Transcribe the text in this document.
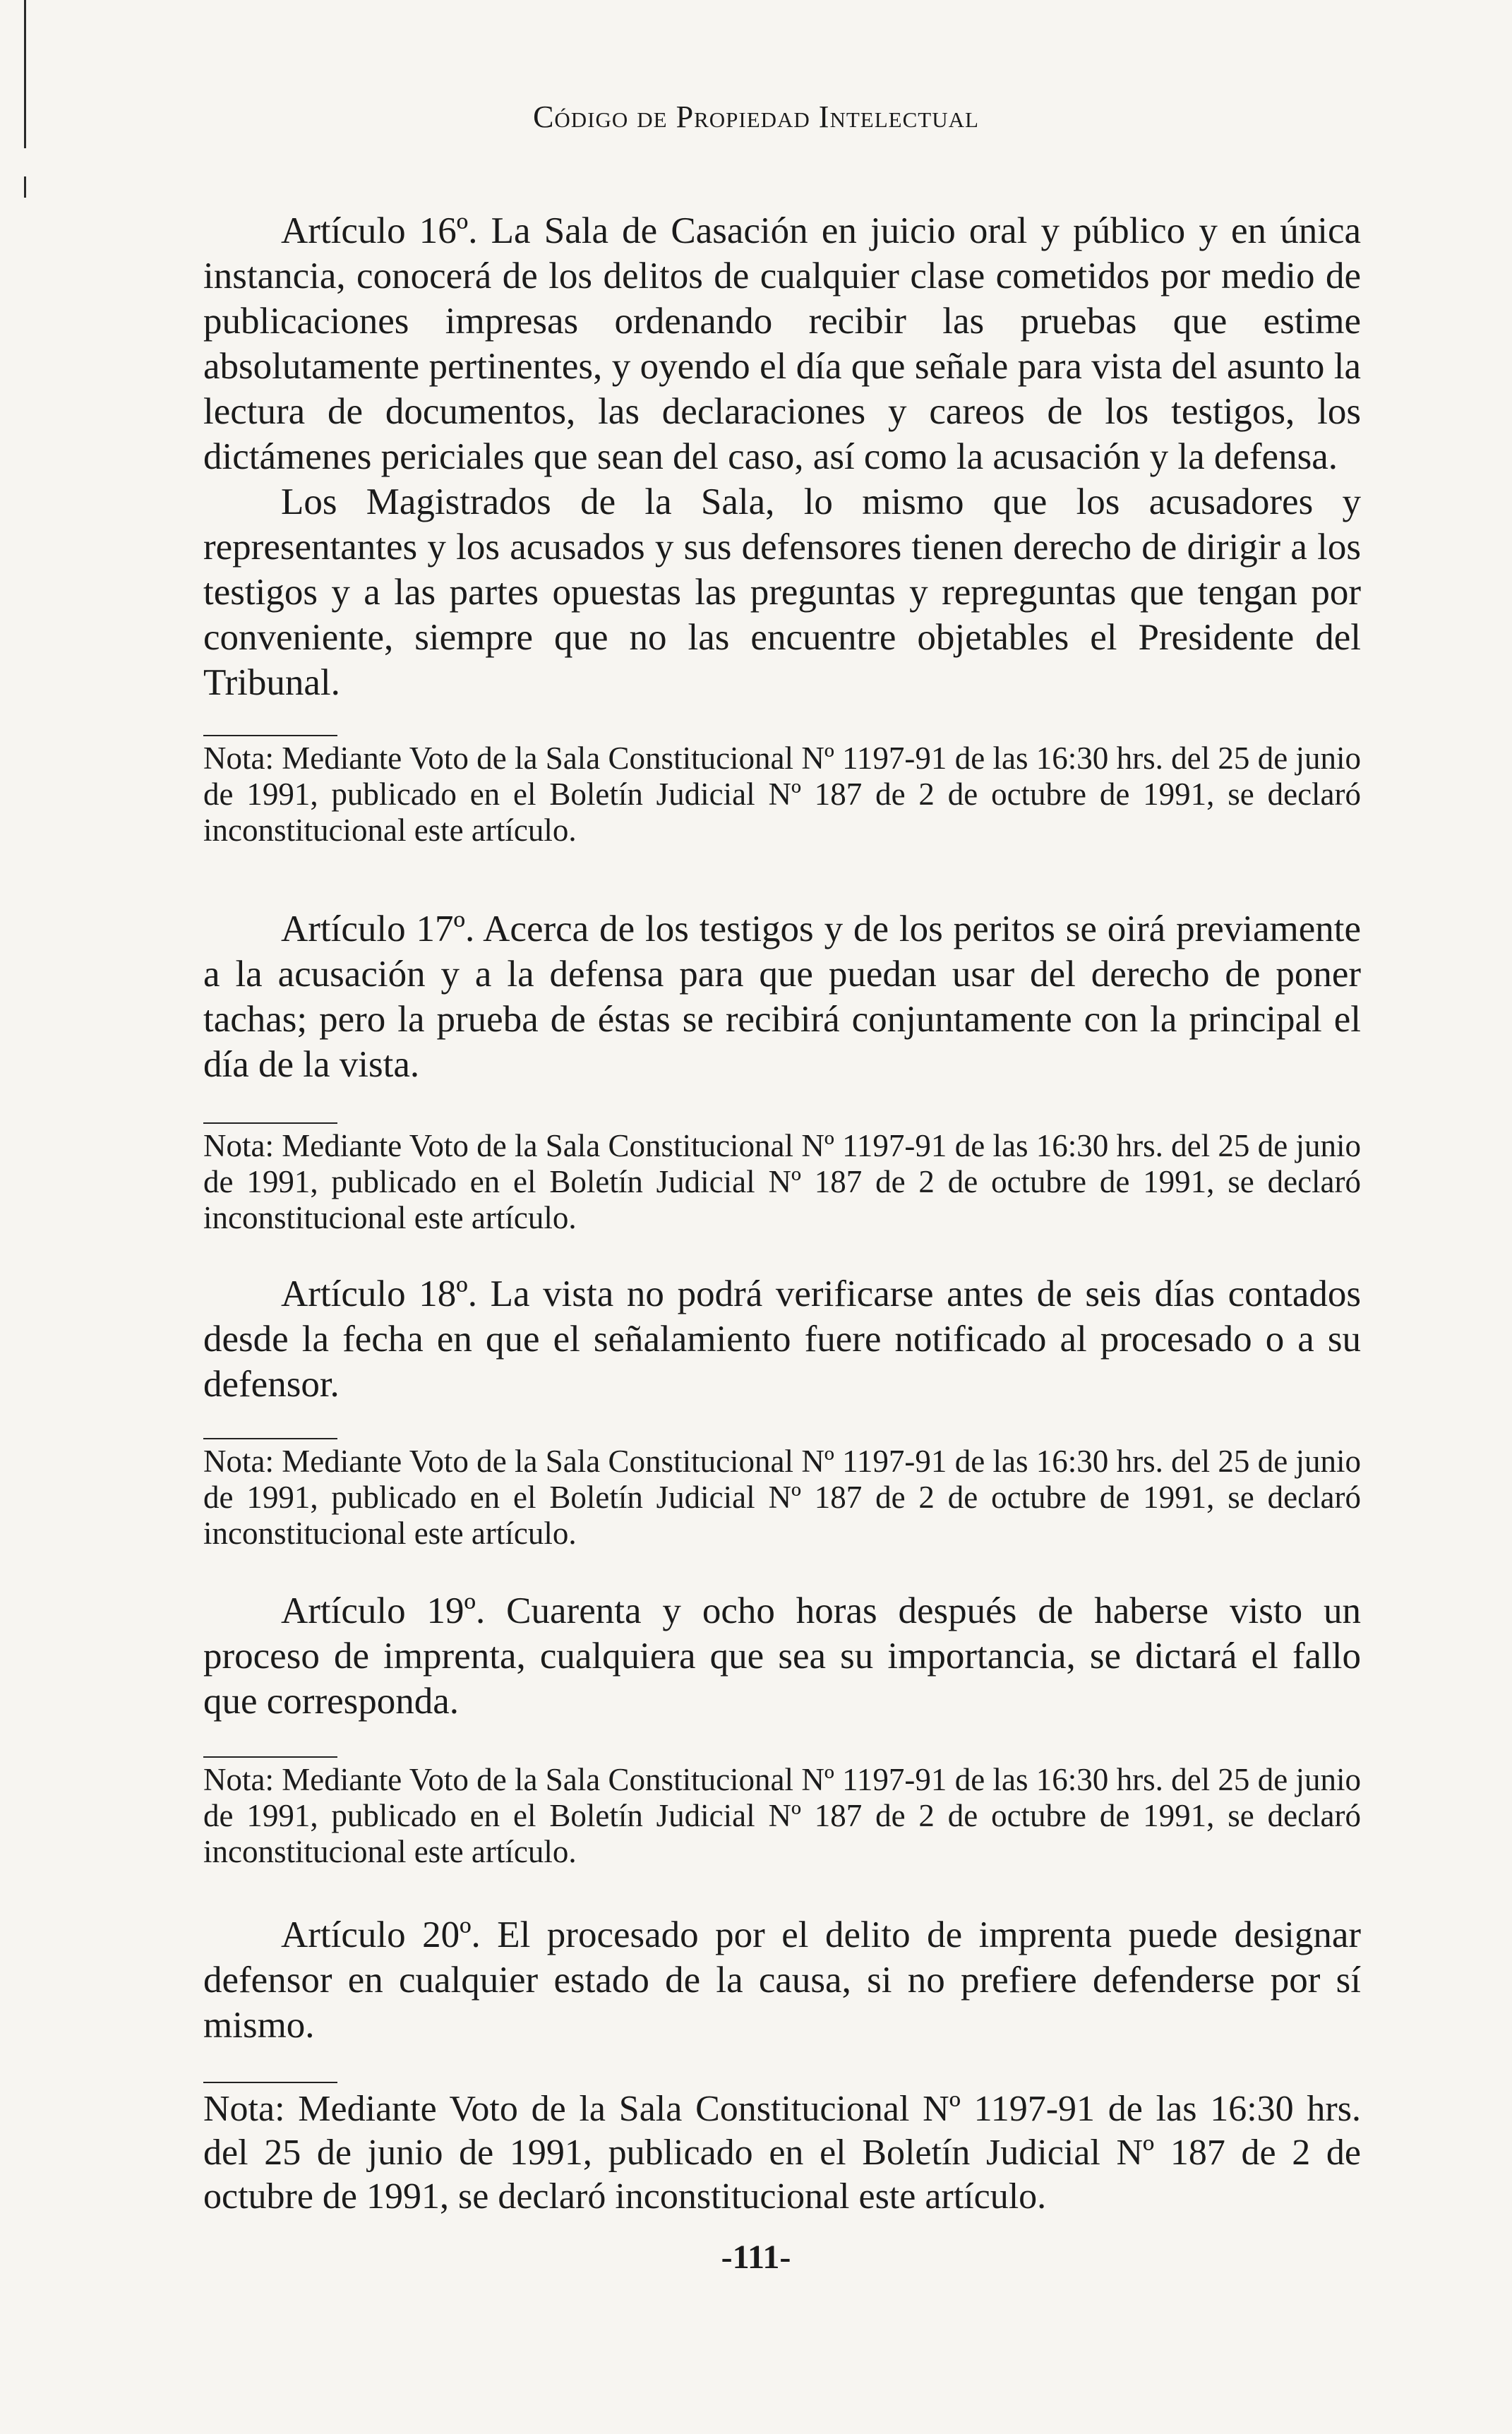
Código de Propiedad Intelectual

Artículo 16º. La Sala de Casación en juicio oral y público y en única instancia, conocerá de los delitos de cualquier clase cometidos por medio de publicaciones impresas ordenando recibir las pruebas que estime absolutamente pertinentes, y oyendo el día que señale para vista del asunto la lectura de documentos, las declaraciones y careos de los testigos, los dictámenes periciales que sean del caso, así como la acusación y la defensa.

Los Magistrados de la Sala, lo mismo que los acusadores y representantes y los acusados y sus defensores tienen derecho de dirigir a los testigos y a las partes opuestas las preguntas y repreguntas que tengan por conveniente, siempre que no las encuentre objetables el Presidente del Tribunal.

Nota: Mediante Voto de la Sala Constitucional Nº 1197-91 de las 16:30 hrs. del 25 de junio de 1991, publicado en el Boletín Judicial Nº 187 de 2 de octubre de 1991, se declaró inconstitucional este artículo.

Artículo 17º. Acerca de los testigos y de los peritos se oirá previamente a la acusación y a la defensa para que puedan usar del derecho de poner tachas; pero la prueba de éstas se recibirá conjuntamente con la principal el día de la vista.

Nota: Mediante Voto de la Sala Constitucional Nº 1197-91 de las 16:30 hrs. del 25 de junio de 1991, publicado en el Boletín Judicial Nº 187 de 2 de octubre de 1991, se declaró inconstitucional este artículo.

Artículo 18º. La vista no podrá verificarse antes de seis días contados desde la fecha en que el señalamiento fuere notificado al procesado o a su defensor.

Nota: Mediante Voto de la Sala Constitucional Nº 1197-91 de las 16:30 hrs. del 25 de junio de 1991, publicado en el Boletín Judicial Nº 187 de 2 de octubre de 1991, se declaró inconstitucional este artículo.

Artículo 19º. Cuarenta y ocho horas después de haberse visto un proceso de imprenta, cualquiera que sea su importancia, se dictará el fallo que corresponda.

Nota: Mediante Voto de la Sala Constitucional Nº 1197-91 de las 16:30 hrs. del 25 de junio de 1991, publicado en el Boletín Judicial Nº 187 de 2 de octubre de 1991, se declaró inconstitucional este artículo.

Artículo 20º. El procesado por el delito de imprenta puede designar defensor en cualquier estado de la causa, si no prefiere defenderse por sí mismo.

Nota: Mediante Voto de la Sala Constitucional Nº 1197-91 de las 16:30 hrs. del 25 de junio de 1991, publicado en el Boletín Judicial Nº 187 de 2 de octubre de 1991, se declaró inconstitucional este artículo.

-111-
